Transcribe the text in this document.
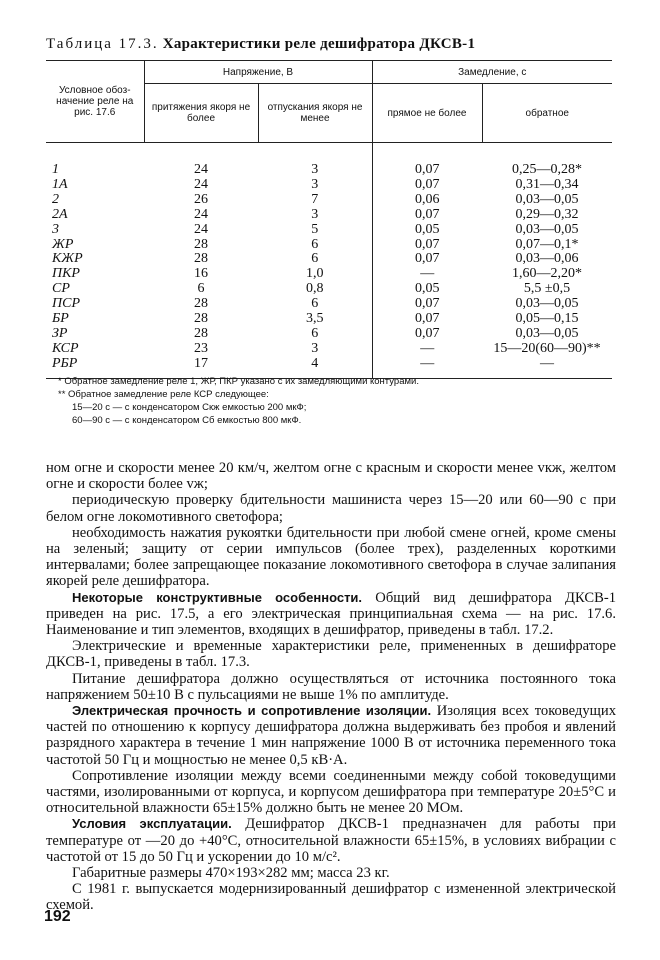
Таблица 17.3. Характеристики реле дешифратора ДКСВ-1
Условное обоз- начение реле на рис. 17.6	Напряжение, В		Замедление, с	
	притяжения якоря не более	отпускания якоря не менее	прямое не более	обратное
1	24	3	0,07	0,25—0,28*
1A	24	3	0,07	0,31—0,34
2	26	7	0,06	0,03—0,05
2A	24	3	0,07	0,29—0,32
3	24	5	0,05	0,03—0,05
ЖР	28	6	0,07	0,07—0,1*
КЖР	28	6	0,07	0,03—0,06
ПКР	16	1,0	—	1,60—2,20*
СР	6	0,8	0,05	5,5 ±0,5
ПСР	28	6	0,07	0,03—0,05
БР	28	3,5	0,07	0,05—0,15
ЗР	28	6	0,07	0,03—0,05
КСР	23	3	—	15—20(60—90)**
РБР	17	4	—	—
* Обратное замедление реле 1, ЖР, ПКР указано с их замедляющими контурами.
** Обратное замедление реле КСР следующее:
15—20 с — с конденсатором Cкж емкостью 200 мкФ;
60—90 с — с конденсатором Cб емкостью 800 мкФ.

ном огне и скорости менее 20 км/ч, желтом огне с красным и скорости менее vкж, желтом огне и скорости более vж;

периодическую проверку бдительности машиниста через 15—20 или 60—90 с при белом огне локомотивного светофора;

необходимость нажатия рукоятки бдительности при любой смене огней, кроме смены на зеленый; защиту от серии импульсов (более трех), разделенных короткими интервалами; более запрещающее показание локомотивного светофора в случае залипания якорей реле дешифратора.

Некоторые конструктивные особенности. Общий вид дешифратора ДКСВ-1 приведен на рис. 17.5, а его электрическая принципиальная схема — на рис. 17.6. Наименование и тип элементов, входящих в дешифратор, приведены в табл. 17.2.

Электрические и временные характеристики реле, примененных в дешифраторе ДКСВ-1, приведены в табл. 17.3.

Питание дешифратора должно осуществляться от источника постоянного тока напряжением 50±10 В с пульсациями не выше 1% по амплитуде.

Электрическая прочность и сопротивление изоляции. Изоляция всех токоведущих частей по отношению к корпусу дешифратора должна выдерживать без пробоя и явлений разрядного характера в течение 1 мин напряжение 1000 В от источника переменного тока частотой 50 Гц и мощностью не менее 0,5 кВ·А.

Сопротивление изоляции между всеми соединенными между собой токоведущими частями, изолированными от корпуса, и корпусом дешифратора при температуре 20±5°С и относительной влажности 65±15% должно быть не менее 20 МОм.

Условия эксплуатации. Дешифратор ДКСВ-1 предназначен для работы при температуре от —20 до +40°С, относительной влажности 65±15%, в условиях вибрации с частотой от 15 до 50 Гц и ускорении до 10 м/с².

Габаритные размеры 470×193×282 мм; масса 23 кг.

С 1981 г. выпускается модернизированный дешифратор с измененной электрической схемой.

192
